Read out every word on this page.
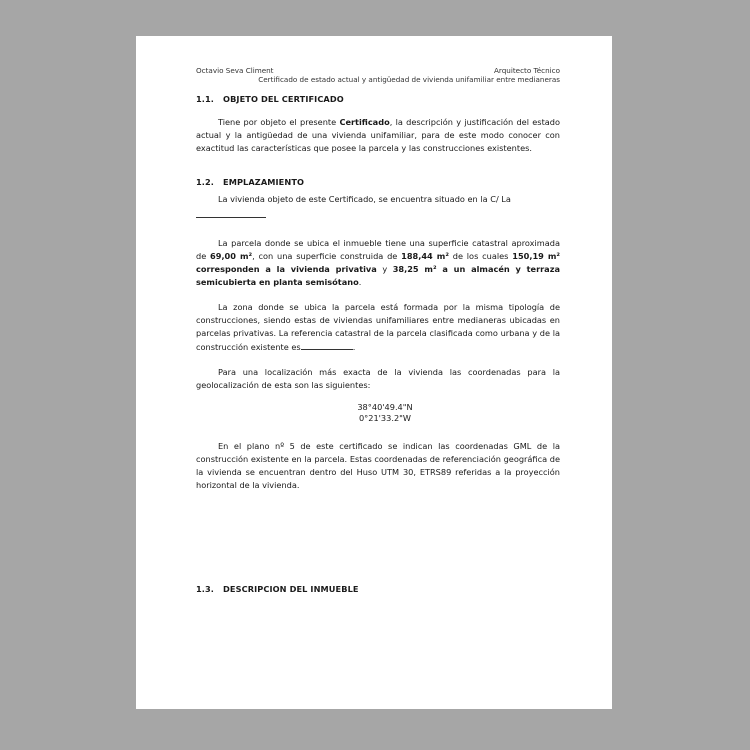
Octavio Seva Climent	Arquitecto Técnico
Certificado de estado actual y antigüedad de vivienda unifamiliar entre medianeras
1.1. OBJETO DEL CERTIFICADO

Tiene por objeto el presente Certificado, la descripción y justificación del estado actual y la antigüedad de una vivienda unifamiliar, para de este modo conocer con exactitud las características que posee la parcela y las construcciones existentes.

1.2. EMPLAZAMIENTO

La vivienda objeto de este Certificado, se encuentra situado en la C/ La

La parcela donde se ubica el inmueble tiene una superficie catastral aproximada de 69,00 m², con una superficie construida de 188,44 m² de los cuales 150,19 m² corresponden a la vivienda privativa y 38,25 m² a un almacén y terraza semicubierta en planta semisótano.

La zona donde se ubica la parcela está formada por la misma tipología de construcciones, siendo estas de viviendas unifamiliares entre medianeras ubicadas en parcelas privativas. La referencia catastral de la parcela clasificada como urbana y de la construcción existente es	.

Para una localización más exacta de la vivienda las coordenadas para la geolocalización de esta son las siguientes:

38°40'49.4"N
0°21'33.2"W

En el plano nº 5 de este certificado se indican las coordenadas GML de la construcción existente en la parcela. Estas coordenadas de referenciación geográfica de la vivienda se encuentran dentro del Huso UTM 30, ETRS89 referidas a la proyección horizontal de la vivienda.

1.3. DESCRIPCION DEL INMUEBLE
